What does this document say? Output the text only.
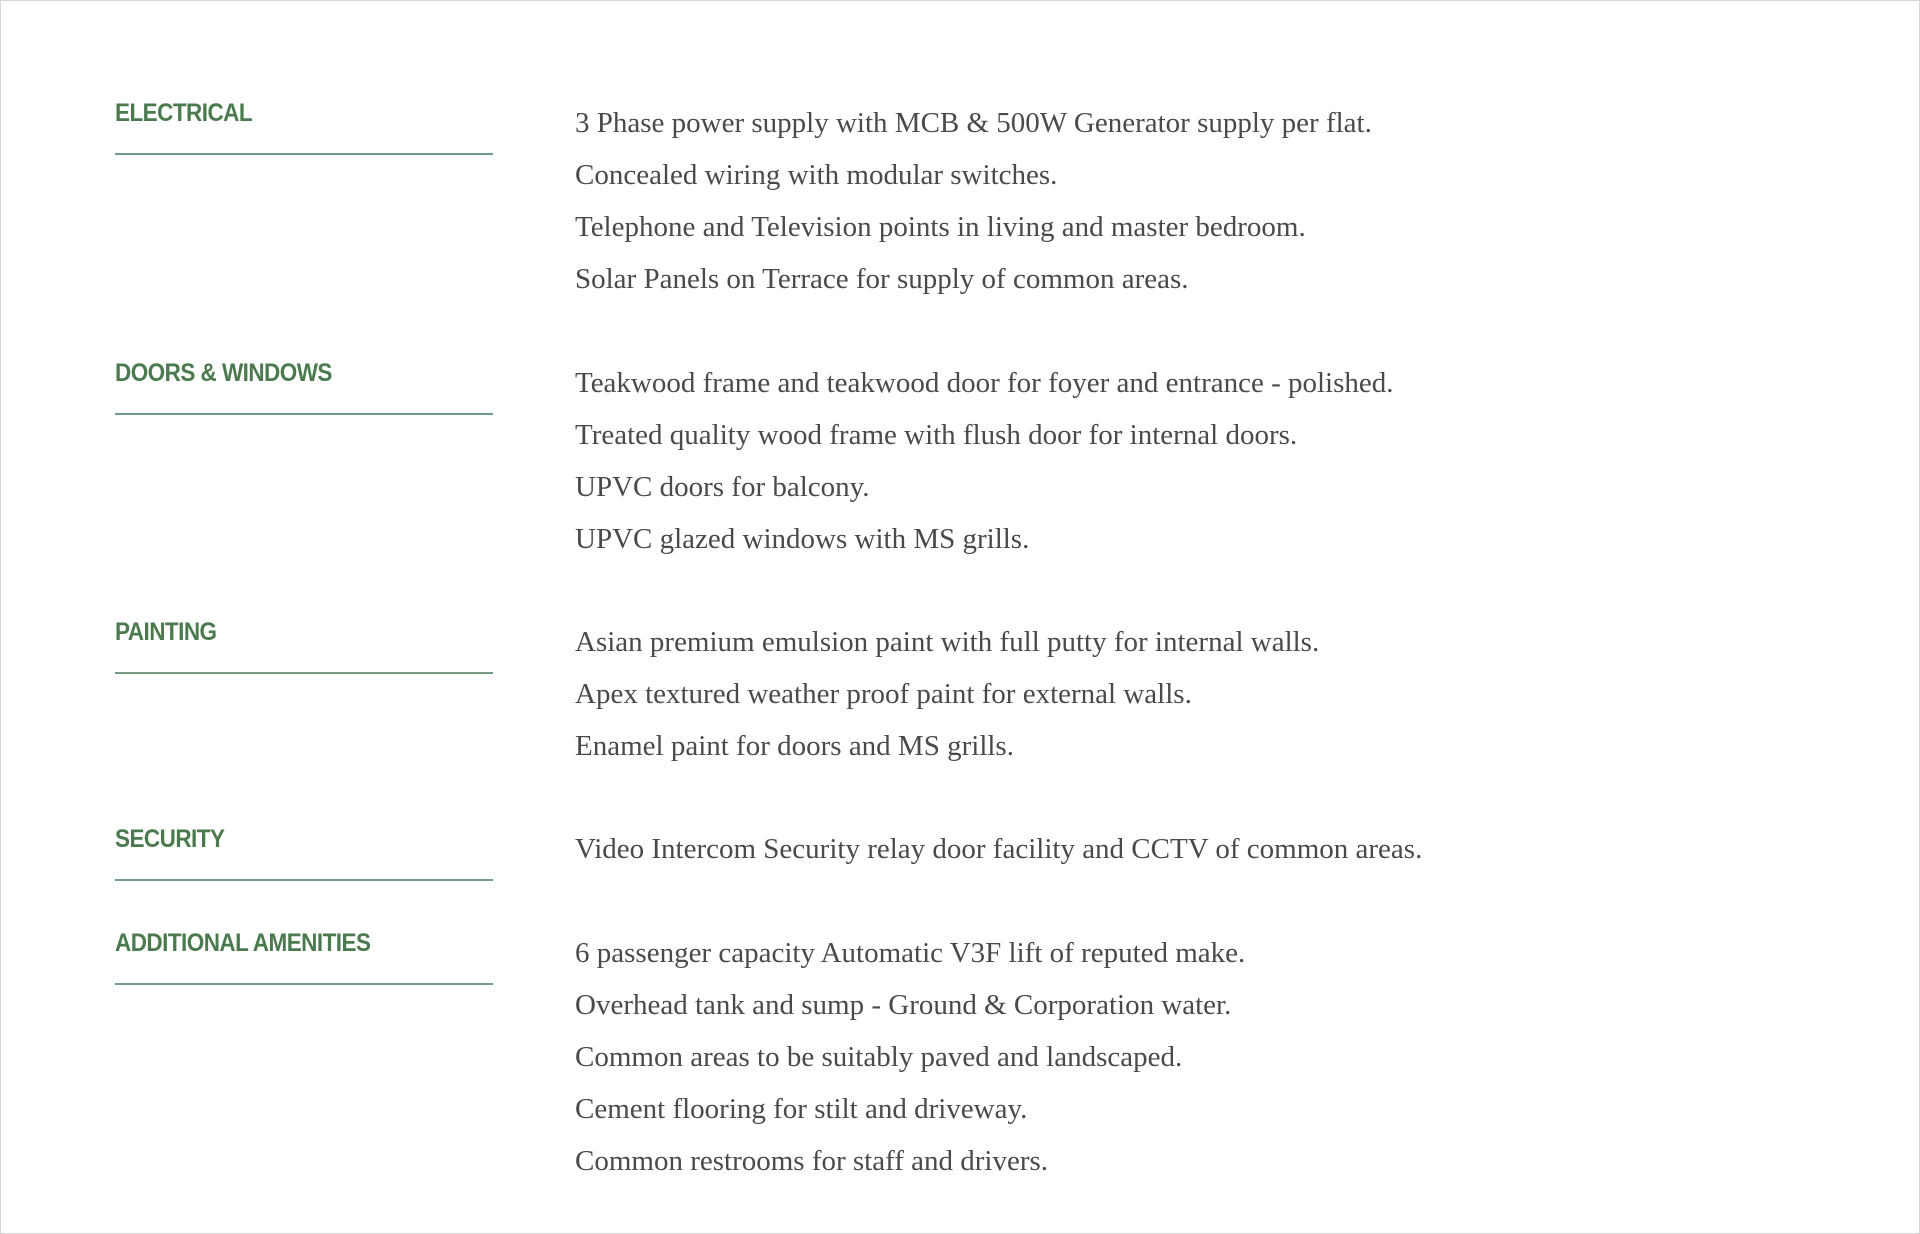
ELECTRICAL	3 Phase power supply with MCB & 500W Generator supply per flat.
Concealed wiring with modular switches.
Telephone and Television points in living and master bedroom.
Solar Panels on Terrace for supply of common areas.
DOORS & WINDOWS	Teakwood frame and teakwood door for foyer and entrance - polished.
Treated quality wood frame with flush door for internal doors.
UPVC doors for balcony.
UPVC glazed windows with MS grills.
PAINTING	Asian premium emulsion paint with full putty for internal walls.
Apex textured weather proof paint for external walls.
Enamel paint for doors and MS grills.
SECURITY	Video Intercom Security relay door facility and CCTV of common areas.
ADDITIONAL AMENITIES	6 passenger capacity Automatic V3F lift of reputed make.
Overhead tank and sump - Ground & Corporation water.
Common areas to be suitably paved and landscaped.
Cement flooring for stilt and driveway.
Common restrooms for staff and drivers.
